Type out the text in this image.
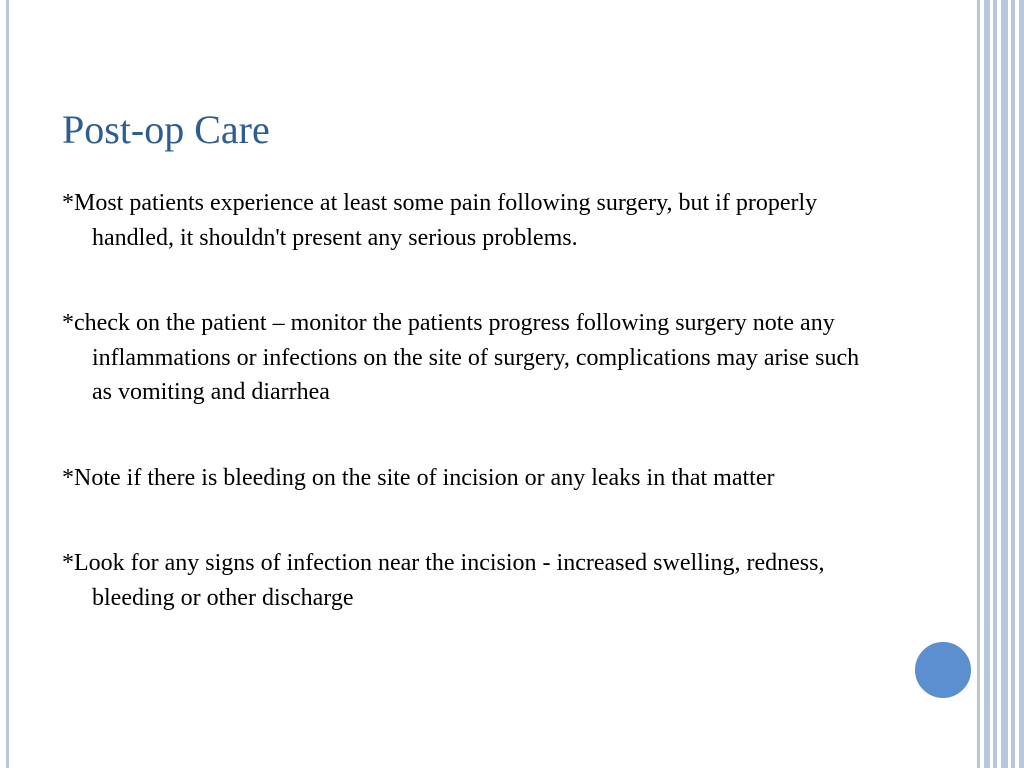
Post-op Care
*Most patients experience at least some pain following surgery, but if properly handled, it shouldn't present any serious problems.
*check on the patient – monitor the patients progress following surgery note any inflammations or infections on the site of surgery, complications may arise such as vomiting and diarrhea
*Note if there is bleeding on the site of incision or any leaks in that matter
*Look for any signs of infection near the incision - increased swelling, redness, bleeding or other discharge
